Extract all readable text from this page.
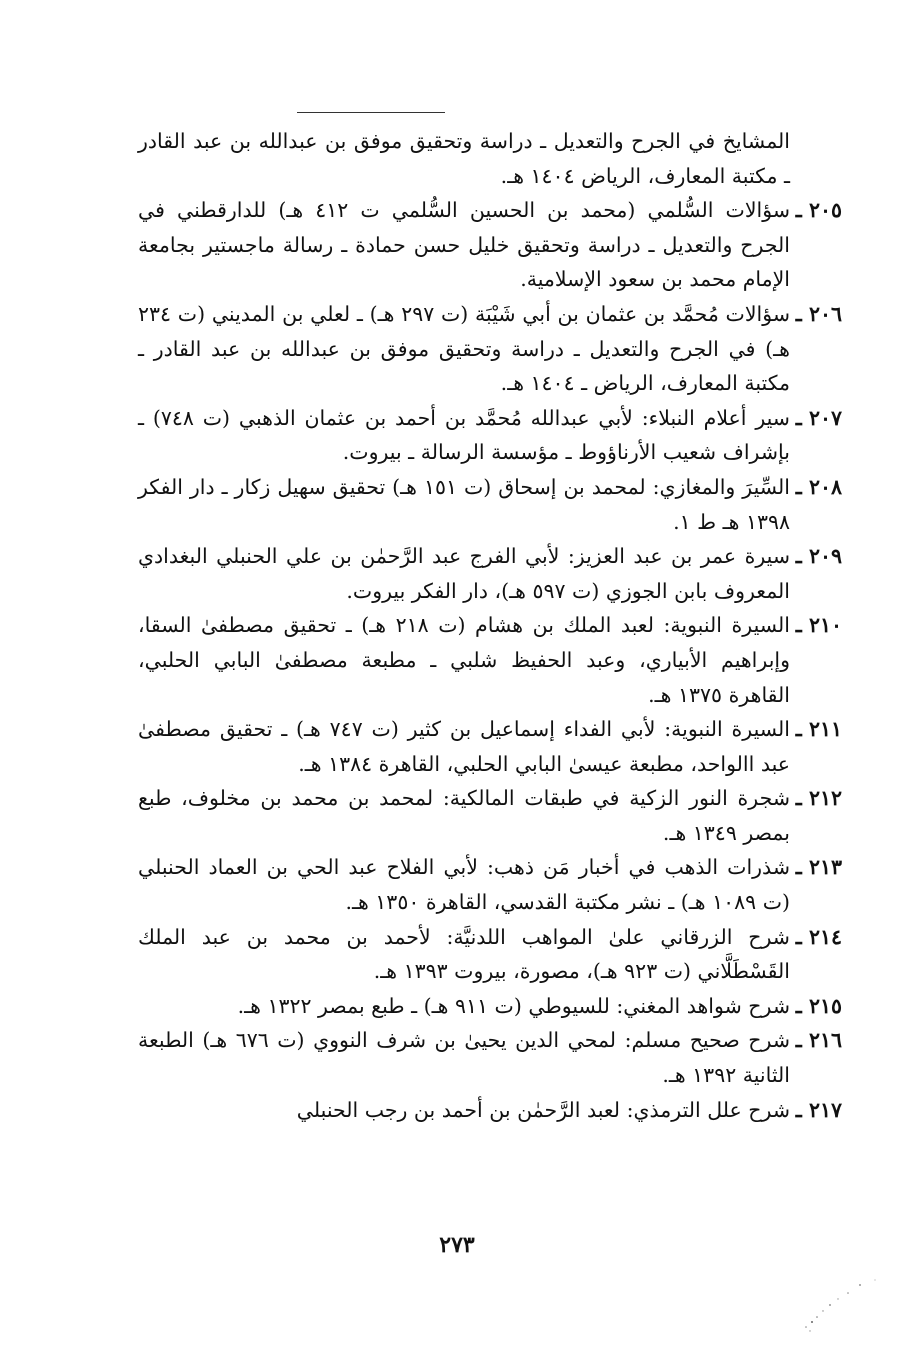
المشايخ في الجرح والتعديل ـ دراسة وتحقيق موفق بن عبدالله بن عبد القادر ـ مكتبة المعارف، الرياض ١٤٠٤ هـ.

٢٠٥ ـ
سؤالات السُّلمي (محمد بن الحسين السُّلمي ت ٤١٢ هـ) للدارقطني في الجرح والتعديل ـ دراسة وتحقيق خليل حسن حمادة ـ رسالة ماجستير بجامعة الإمام محمد بن سعود الإسلامية.

٢٠٦ ـ
سؤالات مُحمَّد بن عثمان بن أبي شَيْبَة (ت ٢٩٧ هـ) ـ لعلي بن المديني (ت ٢٣٤ هـ) في الجرح والتعديل ـ دراسة وتحقيق موفق بن عبدالله بن عبد القادر ـ مكتبة المعارف، الرياض ـ ١٤٠٤ هـ.

٢٠٧ ـ
سير أعلام النبلاء: لأبي عبدالله مُحمَّد بن أحمد بن عثمان الذهبي (ت ٧٤٨) ـ بإشراف شعيب الأرناؤوط ـ مؤسسة الرسالة ـ بيروت.

٢٠٨ ـ
السِّيرَ والمغازي: لمحمد بن إسحاق (ت ١٥١ هـ) تحقيق سهيل زكار ـ دار الفكر ١٣٩٨ هـ ط ١.

٢٠٩ ـ
سيرة عمر بن عبد العزيز: لأبي الفرج عبد الرَّحمٰن بن علي الحنبلي البغدادي المعروف بابن الجوزي (ت ٥٩٧ هـ)، دار الفكر بيروت.

٢١٠ ـ
السيرة النبوية: لعبد الملك بن هشام (ت ٢١٨ هـ) ـ تحقيق مصطفىٰ السقا، وإبراهيم الأبياري، وعبد الحفيظ شلبي ـ مطبعة مصطفىٰ البابي الحلبي، القاهرة ١٣٧٥ هـ.

٢١١ ـ
السيرة النبوية: لأبي الفداء إسماعيل بن كثير (ت ٧٤٧ هـ) ـ تحقيق مصطفىٰ عبد االواحد، مطبعة عيسىٰ البابي الحلبي، القاهرة ١٣٨٤ هـ.

٢١٢ ـ
شجرة النور الزكية في طبقات المالكية: لمحمد بن محمد بن مخلوف، طبع بمصر ١٣٤٩ هـ.

٢١٣ ـ
شذرات الذهب في أخبار مَن ذهب: لأبي الفلاح عبد الحي بن العماد الحنبلي (ت ١٠٨٩ هـ) ـ نشر مكتبة القدسي، القاهرة ١٣٥٠ هـ.

٢١٤ ـ
شرح الزرقاني علىٰ المواهب اللدنيَّة: لأحمد بن محمد بن عبد الملك القَسْطَلَّاني (ت ٩٢٣ هـ)، مصورة، بيروت ١٣٩٣ هـ.

٢١٥ ـ
شرح شواهد المغني: للسيوطي (ت ٩١١ هـ) ـ طبع بمصر ١٣٢٢ هـ.

٢١٦ ـ
شرح صحيح مسلم: لمحي الدين يحيىٰ بن شرف النووي (ت ٦٧٦ هـ) الطبعة الثانية ١٣٩٢ هـ.

٢١٧ ـ
شرح علل الترمذي: لعبد الرَّحمٰن بن أحمد بن رجب الحنبلي

٢٧٣
